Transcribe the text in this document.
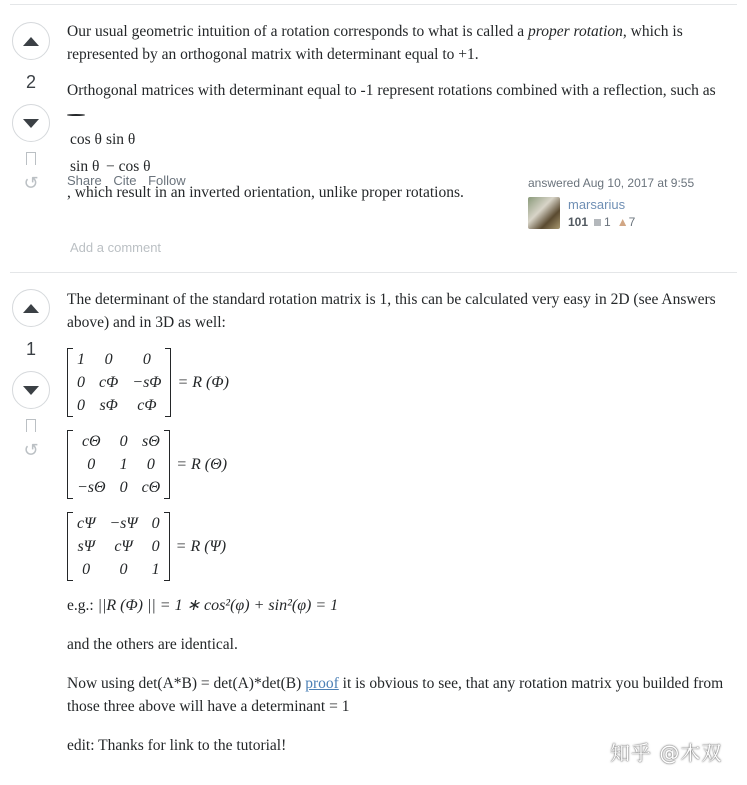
2
↺

Our usual geometric intuition of a rotation corresponds to what is called a proper rotation, which is represented by an orthogonal matrix with determinant equal to +1.

Orthogonal matrices with determinant equal to -1 represent rotations combined with a reflection, such as

cos θ	sin θ
sin θ	− cos θ
, which result in an inverted orientation, unlike proper rotations.

Share Cite Follow	answered Aug 10, 2017 at 9:55
marsarius
101 1 ▲7
Add a comment
1
↺

The determinant of the standard rotation matrix is 1, this can be calculated very easy in 2D (see Answers above) and in 3D as well:

1	0	0
0	cΦ	−sΦ
0	sΦ	cΦ
= R (Φ)
cΘ	0	sΘ
0	1	0
−sΘ	0	cΘ
= R (Θ)
cΨ	−sΨ	0
sΨ	cΨ	0
0	0	1
= R (Ψ)

e.g.: ||R (Φ) || = 1 ∗ cos²(φ) + sin²(φ) = 1

and the others are identical.

Now using det(A*B) = det(A)*det(B) proof it is obvious to see, that any rotation matrix you builded from those three above will have a determinant = 1

edit: Thanks for link to the tutorial!	知乎 @木双
